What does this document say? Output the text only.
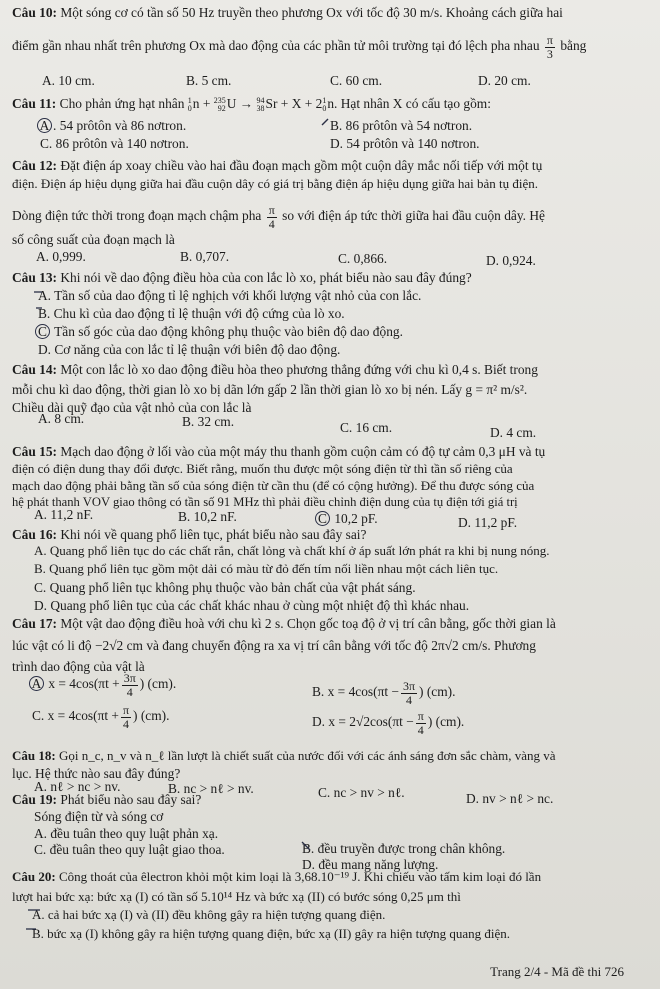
Câu 10: Một sóng cơ có tần số 50 Hz truyền theo phương Ox với tốc độ 30 m/s. Khoảng cách giữa hai
điểm gần nhau nhất trên phương Ox mà dao động của các phần tử môi trường tại đó lệch pha nhau $\frac{\pi}{3}$ bằng
A. 10 cm.	B. 5 cm.	C. 60 cm.	D. 20 cm.
Câu 11: Cho phản ứng hạt nhân 1
0 n + 235
92 U → 94
38 Sr + X + 2 1
0 n. Hạt nhân X có cấu tạo gồm:
A . 54 prôtôn và 86 nơtron.	B. 86 prôtôn và 54 nơtron.
C. 86 prôtôn và 140 nơtron.	D. 54 prôtôn và 140 nơtron.
Câu 12: Đặt điện áp xoay chiều vào hai đầu đoạn mạch gồm một cuộn dây mắc nối tiếp với một tụ
điện. Điện áp hiệu dụng giữa hai đầu cuộn dây có giá trị bằng điện áp hiệu dụng giữa hai bản tụ điện.
Dòng điện tức thời trong đoạn mạch chậm pha $\frac{\pi}{4}$ so với điện áp tức thời giữa hai đầu cuộn dây. Hệ
số công suất của đoạn mạch là
A. 0,999.	B. 0,707.	C. 0,866.	D. 0,924.
Câu 13: Khi nói về dao động điều hòa của con lắc lò xo, phát biểu nào sau đây đúng?
A. Tần số của dao động tỉ lệ nghịch với khối lượng vật nhỏ của con lắc.
B. Chu kì của dao động tỉ lệ thuận với độ cứng của lò xo.
C Tần số góc của dao động không phụ thuộc vào biên độ dao động.
D. Cơ năng của con lắc tỉ lệ thuận với biên độ dao động.
Câu 14: Một con lắc lò xo dao động điều hòa theo phương thẳng đứng với chu kì 0,4 s. Biết trong
mỗi chu kì dao động, thời gian lò xo bị dãn lớn gấp 2 lần thời gian lò xo bị nén. Lấy g = π² m/s².
Chiều dài quỹ đạo của vật nhỏ của con lắc là
A. 8 cm.	B. 32 cm.	C. 16 cm.	D. 4 cm.
Câu 15: Mạch dao động ở lối vào của một máy thu thanh gồm cuộn cảm có độ tự cảm 0,3 μH và tụ
điện có điện dung thay đổi được. Biết rằng, muốn thu được một sóng điện từ thì tần số riêng của
mạch dao động phải bằng tần số của sóng điện từ cần thu (để có cộng hưởng). Để thu được sóng của
hệ phát thanh VOV giao thông có tần số 91 MHz thì phải điều chỉnh điện dung của tụ điện tới giá trị
A. 11,2 nF.	B. 10,2 nF.	C 10,2 pF.	D. 11,2 pF.
Câu 16: Khi nói về quang phổ liên tục, phát biểu nào sau đây sai?
A. Quang phổ liên tục do các chất rắn, chất lỏng và chất khí ở áp suất lớn phát ra khi bị nung nóng.
B. Quang phổ liên tục gồm một dải có màu từ đỏ đến tím nối liền nhau một cách liên tục.
C. Quang phổ liên tục không phụ thuộc vào bản chất của vật phát sáng.
D. Quang phổ liên tục của các chất khác nhau ở cùng một nhiệt độ thì khác nhau.
Câu 17: Một vật dao động điều hoà với chu kì 2 s. Chọn gốc toạ độ ở vị trí cân bằng, gốc thời gian là
lúc vật có li độ −2√2 cm và đang chuyển động ra xa vị trí cân bằng với tốc độ 2π√2 cm/s. Phương
trình dao động của vật là
A $x = 4\cos(\pi t + \frac{3\pi}{4}$ ) (cm).
B. $x = 4\cos(\pi t - \frac{3\pi}{4}$ ) (cm).
C. $x = 4\cos(\pi t + \frac{\pi}{4}$ ) (cm).	D. $x = 2√2\cos(\pi t - \frac{\pi}{4}$ ) (cm).
Câu 18: Gọi n_c, n_v và n_ℓ lần lượt là chiết suất của nước đối với các ánh sáng đơn sắc chàm, vàng và
lục. Hệ thức nào sau đây đúng?
A. nℓ > nc > nv.	B. nc > nℓ > nv.	C. nc > nv > nℓ.	D. nv > nℓ > nc.
Câu 19: Phát biểu nào sau đây sai?
Sóng điện từ và sóng cơ
A. đều tuân theo quy luật phản xạ.
B. đều truyền được trong chân không.
C. đều tuân theo quy luật giao thoa.
D. đều mang năng lượng.
Câu 20: Công thoát của êlectron khỏi một kim loại là 3,68.10⁻¹⁹ J. Khi chiếu vào tấm kim loại đó lần
lượt hai bức xạ: bức xạ (I) có tần số 5.10¹⁴ Hz và bức xạ (II) có bước sóng 0,25 μm thì
A. cả hai bức xạ (I) và (II) đều không gây ra hiện tượng quang điện.
B. bức xạ (I) không gây ra hiện tượng quang điện, bức xạ (II) gây ra hiện tượng quang điện.
Trang 2/4 - Mã đề thi 726
